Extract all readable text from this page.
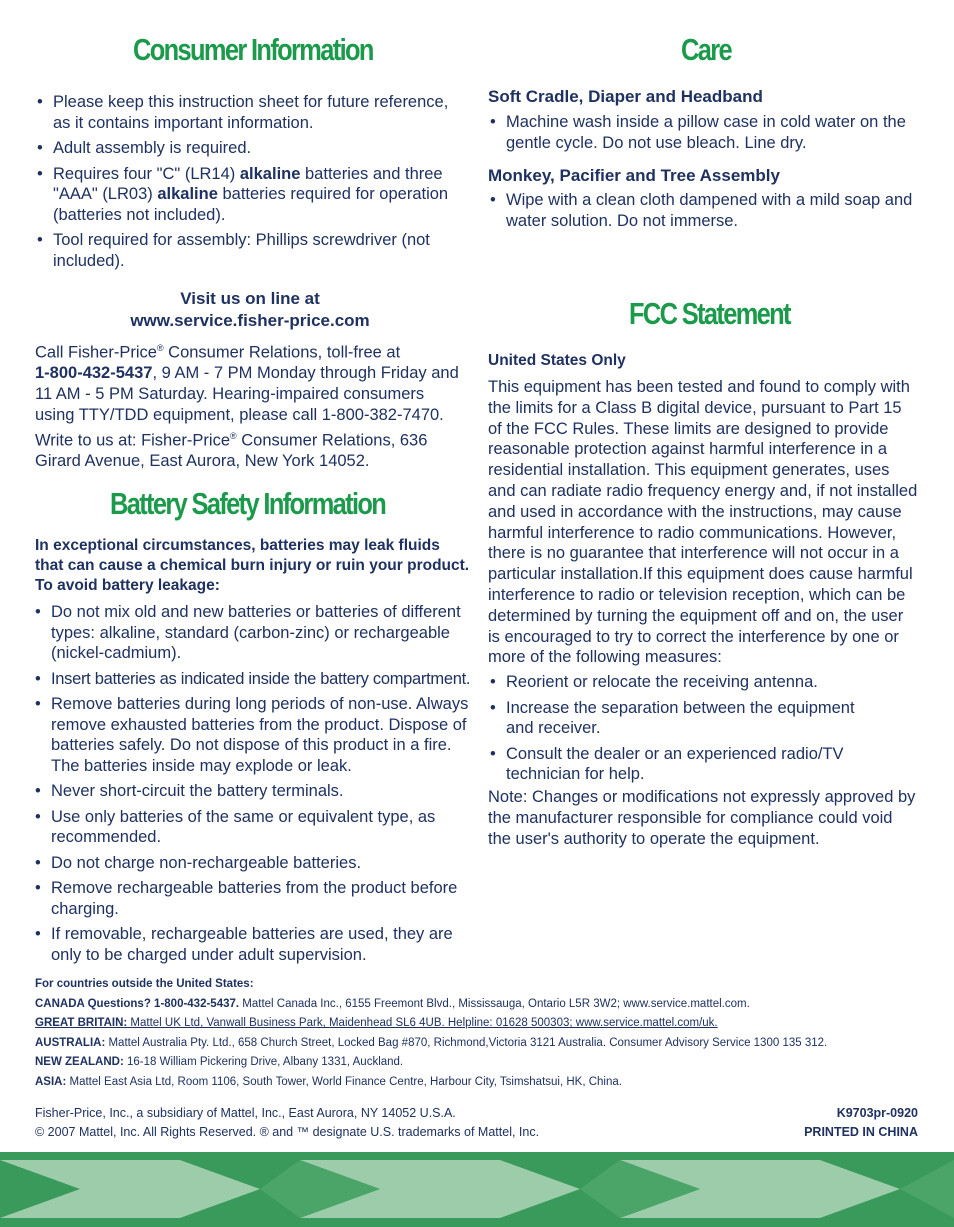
Consumer Information
• Please keep this instruction sheet for future reference, as it contains important information.
• Adult assembly is required.
• Requires four "C" (LR14) alkaline batteries and three "AAA" (LR03) alkaline batteries required for operation (batteries not included).
• Tool required for assembly: Phillips screwdriver (not included).
Visit us on line at
www.service.fisher-price.com

Call Fisher-Price® Consumer Relations, toll-free at
1-800-432-5437, 9 AM - 7 PM Monday through Friday and 11 AM - 5 PM Saturday. Hearing-impaired consumers using TTY/TDD equipment, please call 1-800-382-7470. Write to us at: Fisher-Price® Consumer Relations, 636 Girard Avenue, East Aurora, New York 14052.

Battery Safety Information

In exceptional circumstances, batteries may leak fluids that can cause a chemical burn injury or ruin your product. To avoid battery leakage:

• Do not mix old and new batteries or batteries of different types: alkaline, standard (carbon-zinc) or rechargeable (nickel-cadmium).
• Insert batteries as indicated inside the battery compartment.
• Remove batteries during long periods of non-use. Always remove exhausted batteries from the product. Dispose of batteries safely. Do not dispose of this product in a fire. The batteries inside may explode or leak.
• Never short-circuit the battery terminals.
• Use only batteries of the same or equivalent type, as recommended.
• Do not charge non-rechargeable batteries.
• Remove rechargeable batteries from the product before charging.
• If removable, rechargeable batteries are used, they are only to be charged under adult supervision.
Care
Soft Cradle, Diaper and Headband
• Machine wash inside a pillow case in cold water on the gentle cycle. Do not use bleach. Line dry.
Monkey, Pacifier and Tree Assembly
• Wipe with a clean cloth dampened with a mild soap and water solution. Do not immerse.
FCC Statement
United States Only

This equipment has been tested and found to comply with the limits for a Class B digital device, pursuant to Part 15 of the FCC Rules. These limits are designed to provide reasonable protection against harmful interference in a residential installation. This equipment generates, uses and can radiate radio frequency energy and, if not installed and used in accordance with the instructions, may cause harmful interference to radio communications. However, there is no guarantee that interference will not occur in a particular installation.If this equipment does cause harmful interference to radio or television reception, which can be determined by turning the equipment off and on, the user is encouraged to try to correct the interference by one or more of the following measures:

• Reorient or relocate the receiving antenna.
• Increase the separation between the equipment and receiver.
• Consult the dealer or an experienced radio/TV technician for help.

Note: Changes or modifications not expressly approved by the manufacturer responsible for compliance could void the user's authority to operate the equipment.

For countries outside the United States:
CANADA Questions? 1-800-432-5437. Mattel Canada Inc., 6155 Freemont Blvd., Mississauga, Ontario L5R 3W2; www.service.mattel.com.
GREAT BRITAIN: Mattel UK Ltd, Vanwall Business Park, Maidenhead SL6 4UB. Helpline: 01628 500303; www.service.mattel.com/uk.
AUSTRALIA: Mattel Australia Pty. Ltd., 658 Church Street, Locked Bag #870, Richmond,Victoria 3121 Australia. Consumer Advisory Service 1300 135 312.
NEW ZEALAND: 16-18 William Pickering Drive, Albany 1331, Auckland.
ASIA: Mattel East Asia Ltd, Room 1106, South Tower, World Finance Centre, Harbour City, Tsimshatsui, HK, China.
Fisher-Price, Inc., a subsidiary of Mattel, Inc., East Aurora, NY 14052 U.S.A.
© 2007 Mattel, Inc. All Rights Reserved. ® and ™ designate U.S. trademarks of Mattel, Inc.
K9703pr-0920
PRINTED IN CHINA
